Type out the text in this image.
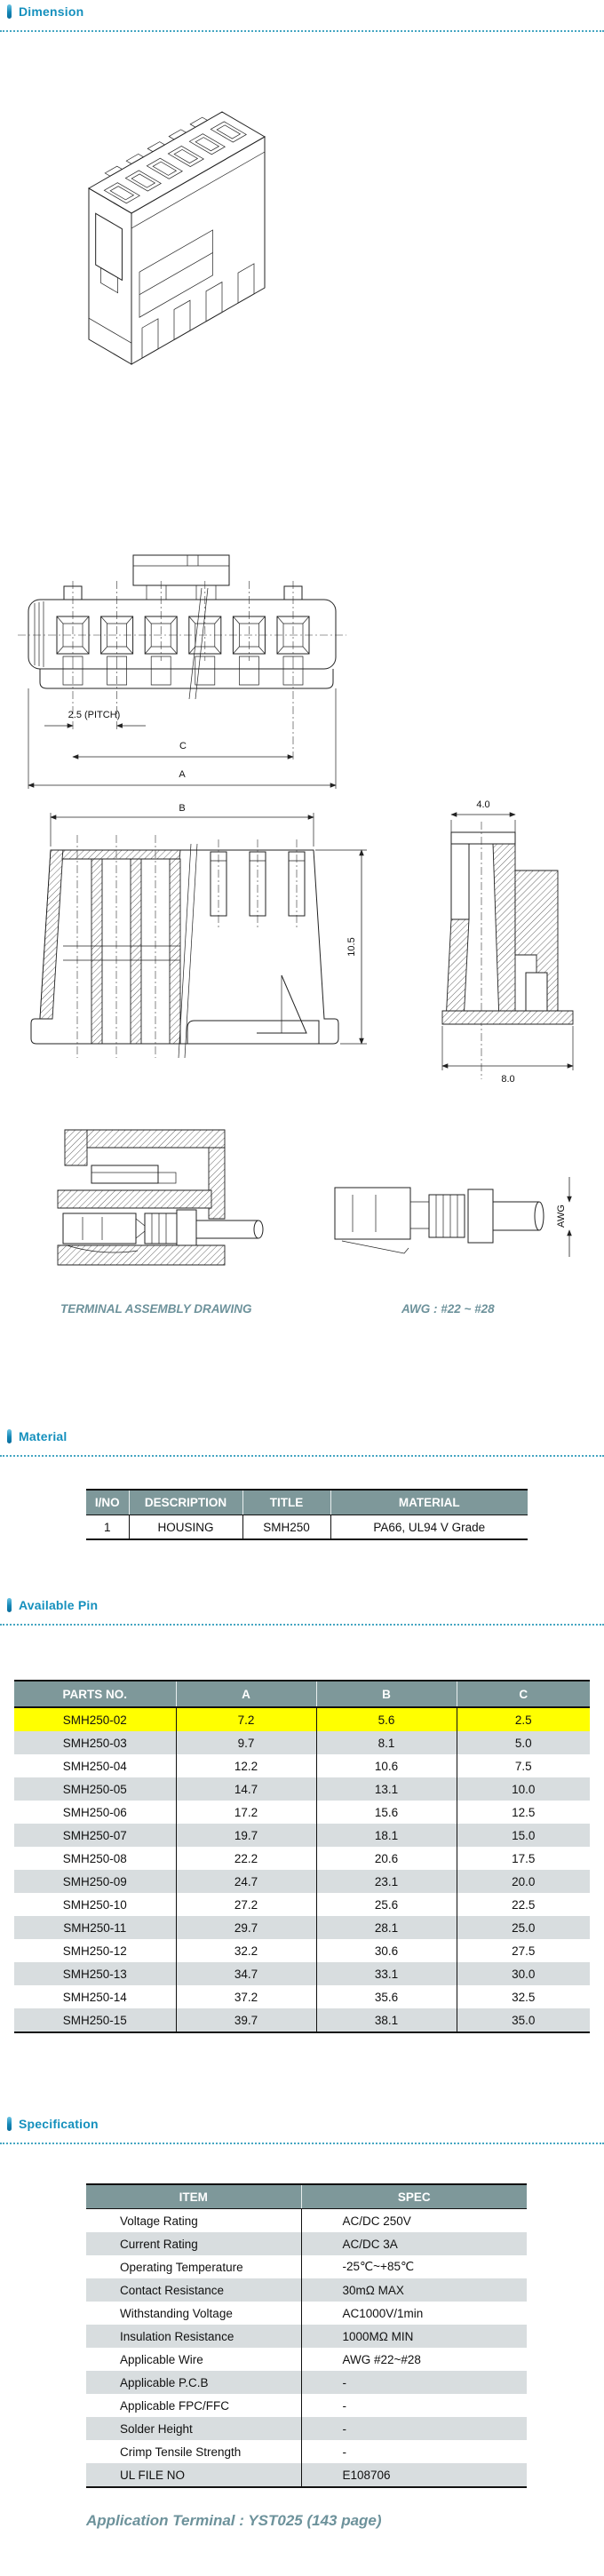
Dimension
2.5 (PITCH)
C
A
B
10.5
4.0
8.0
AWG
TERMINAL ASSEMBLY DRAWING	AWG : #22 ~ #28
Material
I/NO	DESCRIPTION	TITLE	MATERIAL
1	HOUSING	SMH250	PA66, UL94 V Grade
Available Pin
PARTS NO.	A	B	C
SMH250-02	7.2	5.6	2.5
SMH250-03	9.7	8.1	5.0
SMH250-04	12.2	10.6	7.5
SMH250-05	14.7	13.1	10.0
SMH250-06	17.2	15.6	12.5
SMH250-07	19.7	18.1	15.0
SMH250-08	22.2	20.6	17.5
SMH250-09	24.7	23.1	20.0
SMH250-10	27.2	25.6	22.5
SMH250-11	29.7	28.1	25.0
SMH250-12	32.2	30.6	27.5
SMH250-13	34.7	33.1	30.0
SMH250-14	37.2	35.6	32.5
SMH250-15	39.7	38.1	35.0
Specification
ITEM	SPEC
Voltage Rating	AC/DC 250V
Current Rating	AC/DC 3A
Operating Temperature	-25℃~+85℃
Contact Resistance	30mΩ MAX
Withstanding Voltage	AC1000V/1min
Insulation Resistance	1000MΩ MIN
Applicable Wire	AWG #22~#28
Applicable P.C.B	-
Applicable FPC/FFC	-
Solder Height	-
Crimp Tensile Strength	-
UL FILE NO	E108706
Application Terminal : YST025 (143 page)
